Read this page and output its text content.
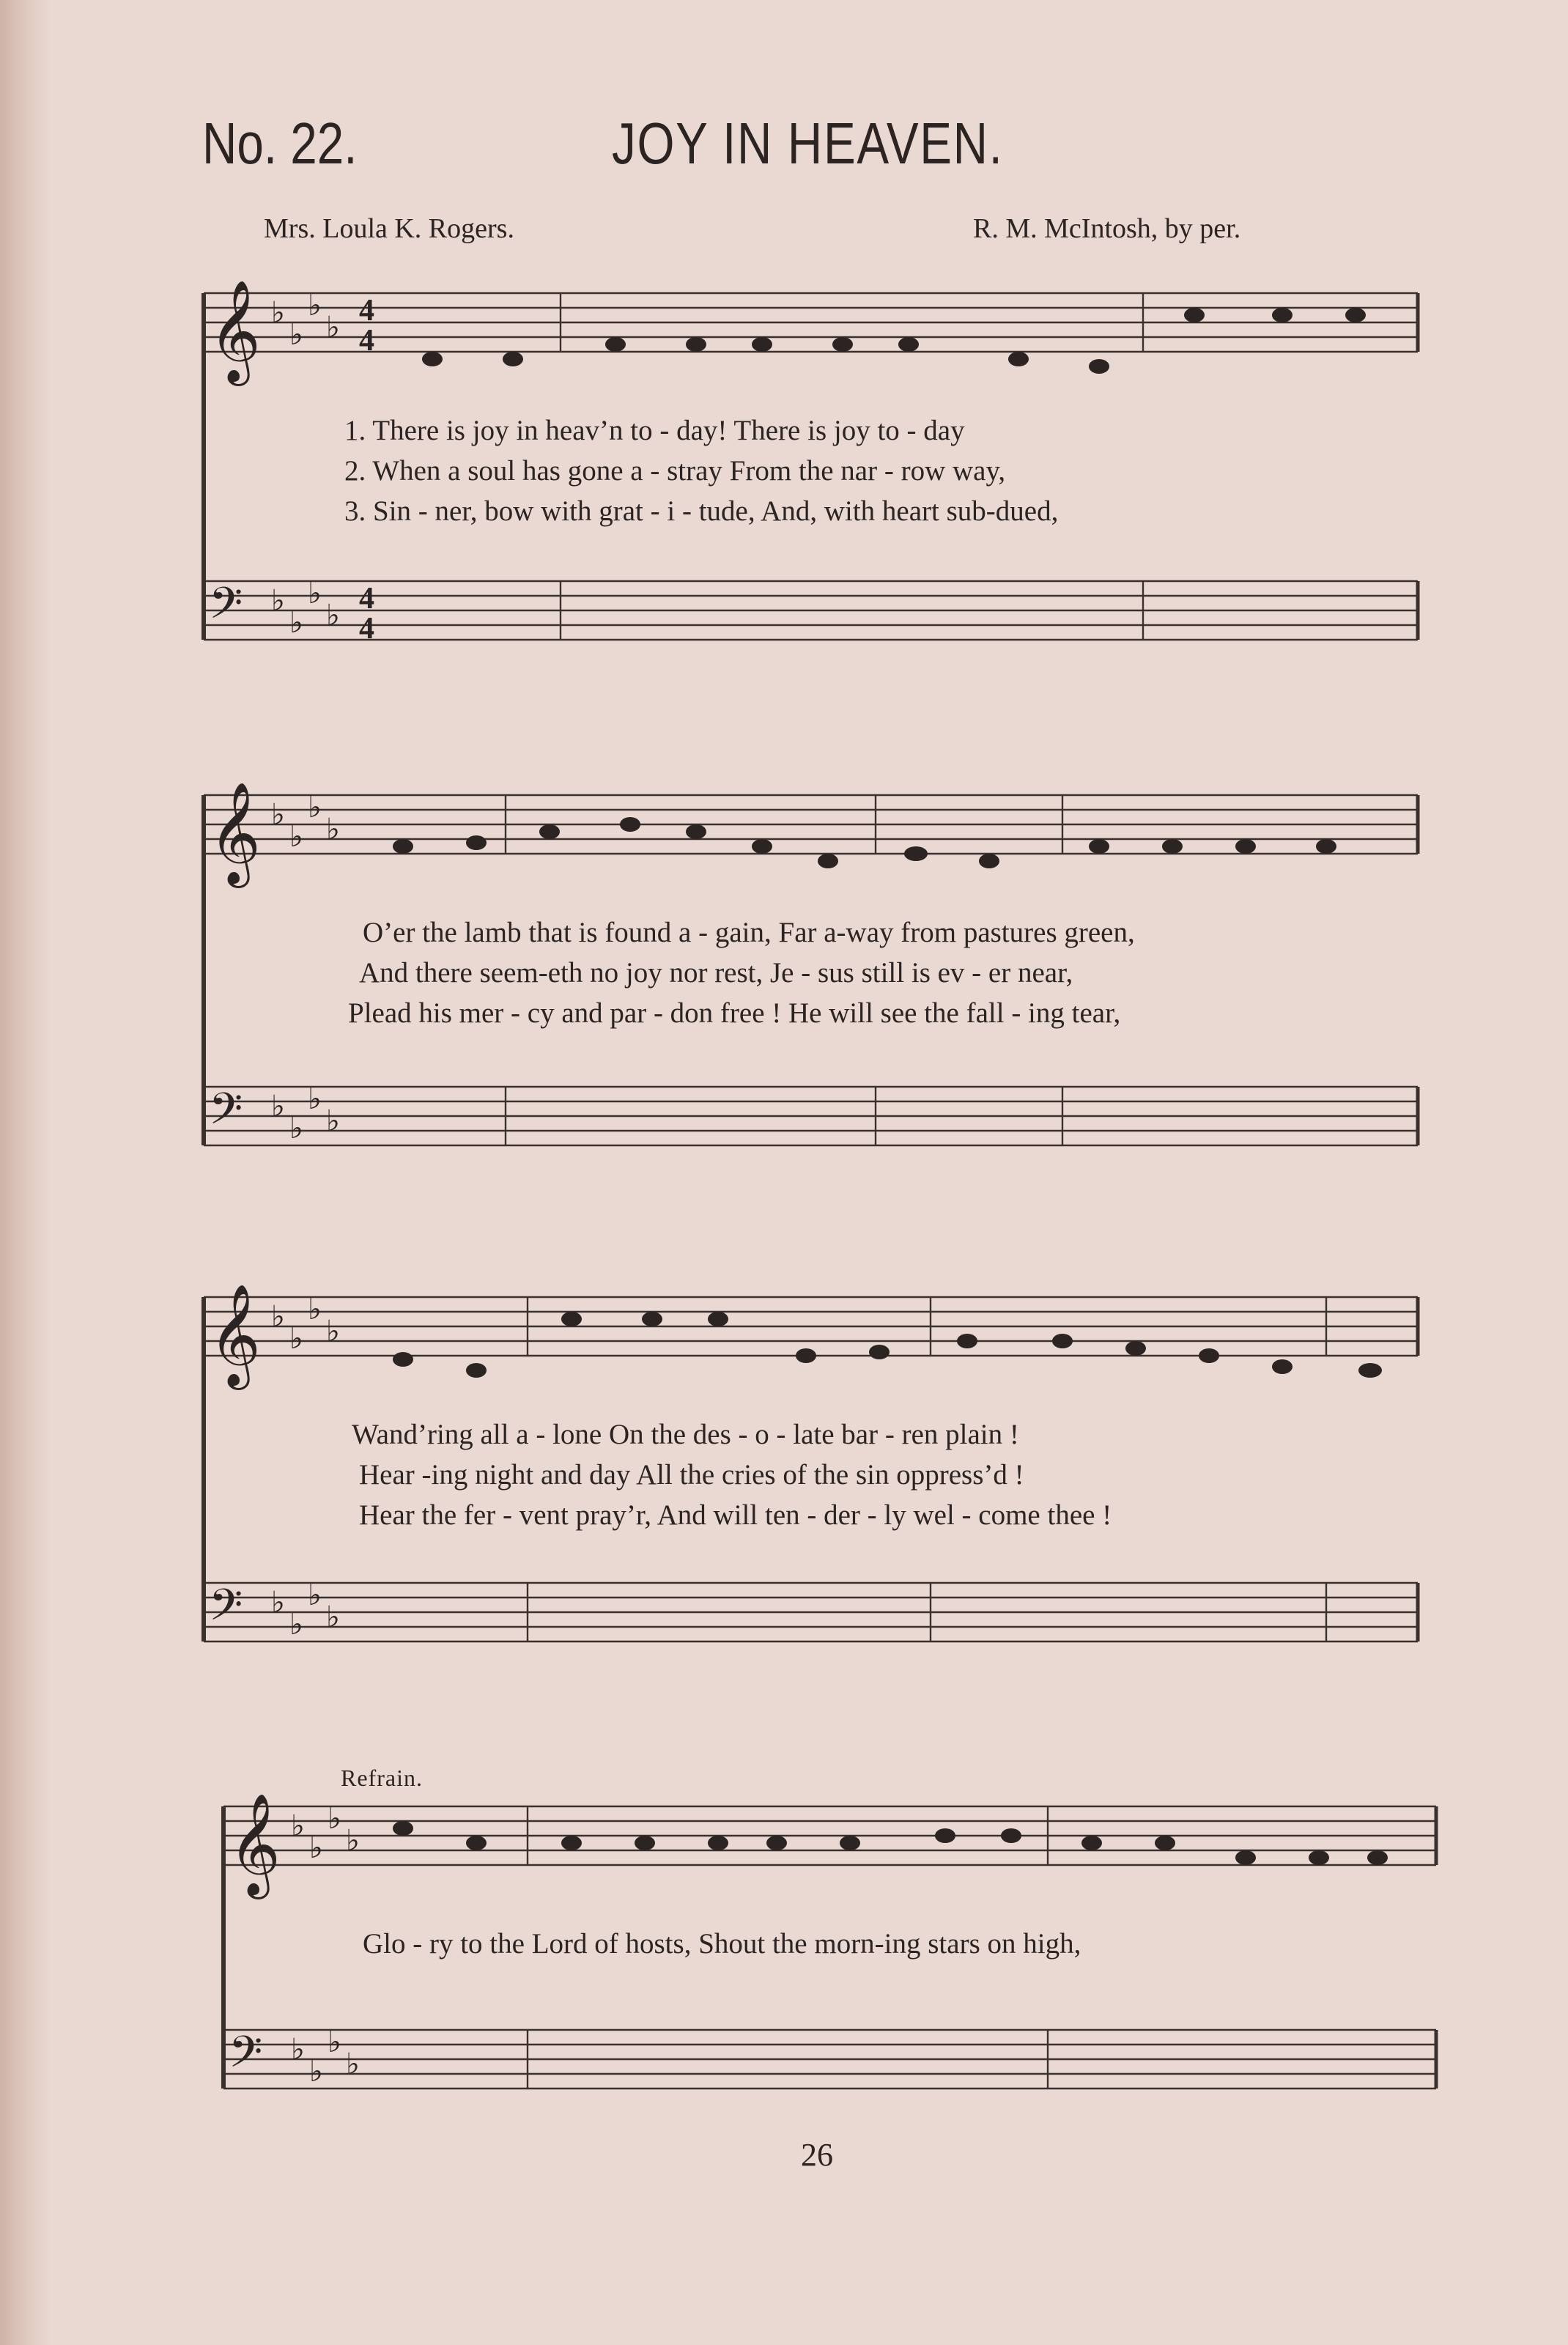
No. 22.	JOY IN HEAVEN.
Mrs. Loula K. Rogers.	R. M. McIntosh, by per.
𝄞
𝄞
𝄞
𝄞
𝄢
𝄢
𝄢
𝄢
♭
♭
♭
♭
♭
♭
♭
♭
♭
♭
♭
♭
♭
♭
♭
♭
♭
♭
♭
♭
♭
♭
♭
♭
♭
♭
♭
♭
♭
♭
♭
♭
4
4
4
4
1. There is joy in heav’n to - day! There is joy to - day
2. When a soul has gone a - stray From the nar - row way,
3. Sin - ner, bow with grat - i - tude, And, with heart sub-dued,
O’er the lamb that is found a - gain, Far a-way from pastures green,
And there seem-eth no joy nor rest, Je - sus still is ev - er near,
Plead his mer - cy and par - don free ! He will see the fall - ing tear,
Wand’ring all a - lone On the des - o - late bar - ren plain !
Hear -ing night and day All the cries of the sin oppress’d !
Hear the fer - vent pray’r, And will ten - der - ly wel - come thee !
Refrain.
Glo - ry to the Lord of hosts, Shout the morn-ing stars on high,
26
